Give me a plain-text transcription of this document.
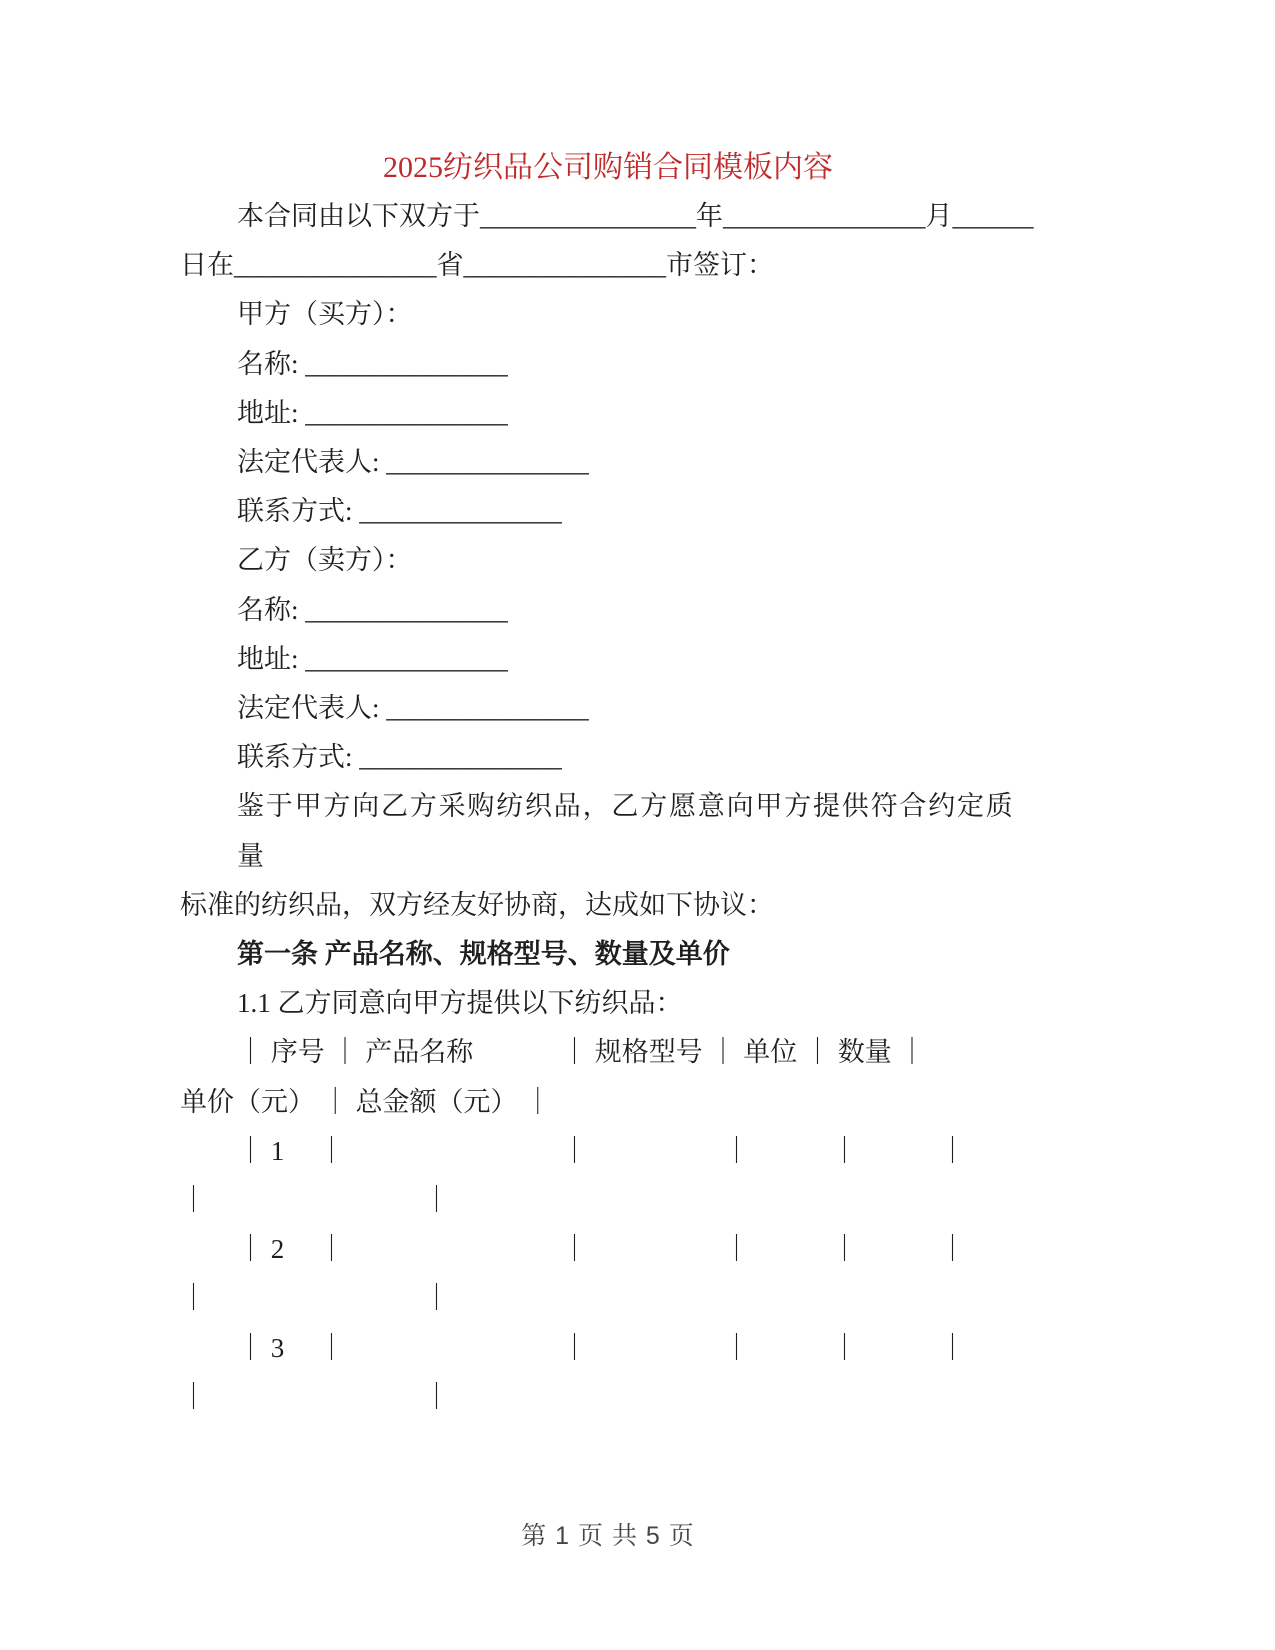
2025纺织品公司购销合同模板内容
本合同由以下双方于________________年_______________月______
日在_______________省_______________市签订：
甲方（买方）：
名称: _______________
地址: _______________
法定代表人: _______________
联系方式: _______________
乙方（卖方）：
名称: _______________
地址: _______________
法定代表人: _______________
联系方式: _______________
鉴于甲方向乙方采购纺织品，乙方愿意向甲方提供符合约定质量
标准的纺织品，双方经友好协商，达成如下协议：
第一条 产品名称、规格型号、数量及单价
1.1 乙方同意向甲方提供以下纺织品：
｜ 序号 ｜ 产品名称　　　 ｜ 规格型号 ｜ 单位 ｜ 数量 ｜
单价（元） ｜ 总金额（元） ｜
｜ 1　 ｜　　　　　　　　｜　　　　　｜　　　｜　　　｜
｜　　　　　　　　｜
｜ 2　 ｜　　　　　　　　｜　　　　　｜　　　｜　　　｜
｜　　　　　　　　｜
｜ 3　 ｜　　　　　　　　｜　　　　　｜　　　｜　　　｜
｜　　　　　　　　｜
第 1 页 共 5 页
